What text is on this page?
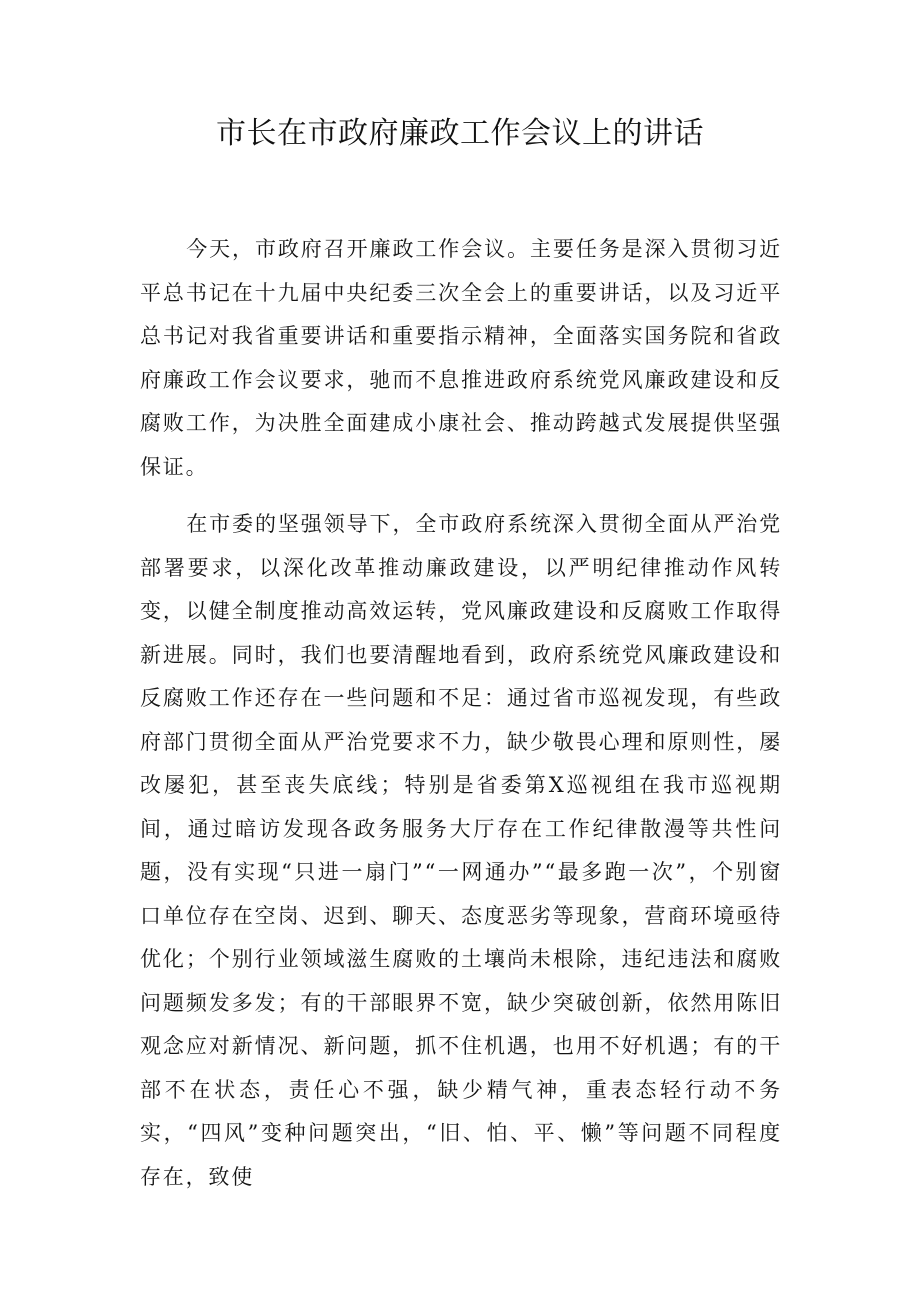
市长在市政府廉政工作会议上的讲话

今天，市政府召开廉政工作会议。主要任务是深入贯彻习近平总书记在十九届中央纪委三次全会上的重要讲话，以及习近平总书记对我省重要讲话和重要指示精神，全面落实国务院和省政府廉政工作会议要求，驰而不息推进政府系统党风廉政建设和反腐败工作，为决胜全面建成小康社会、推动跨越式发展提供坚强保证。

在市委的坚强领导下，全市政府系统深入贯彻全面从严治党部署要求，以深化改革推动廉政建设，以严明纪律推动作风转变，以健全制度推动高效运转，党风廉政建设和反腐败工作取得新进展。同时，我们也要清醒地看到，政府系统党风廉政建设和反腐败工作还存在一些问题和不足：通过省市巡视发现，有些政府部门贯彻全面从严治党要求不力，缺少敬畏心理和原则性，屡改屡犯，甚至丧失底线；特别是省委第X巡视组在我市巡视期间，通过暗访发现各政务服务大厅存在工作纪律散漫等共性问题，没有实现“只进一扇门”“一网通办”“最多跑一次”，个别窗口单位存在空岗、迟到、聊天、态度恶劣等现象，营商环境亟待优化；个别行业领域滋生腐败的土壤尚未根除，违纪违法和腐败问题频发多发；有的干部眼界不宽，缺少突破创新，依然用陈旧观念应对新情况、新问题，抓不住机遇，也用不好机遇；有的干部不在状态，责任心不强，缺少精气神，重表态轻行动不务实，“四风”变种问题突出，“旧、怕、平、懒”等问题不同程度存在，致使
